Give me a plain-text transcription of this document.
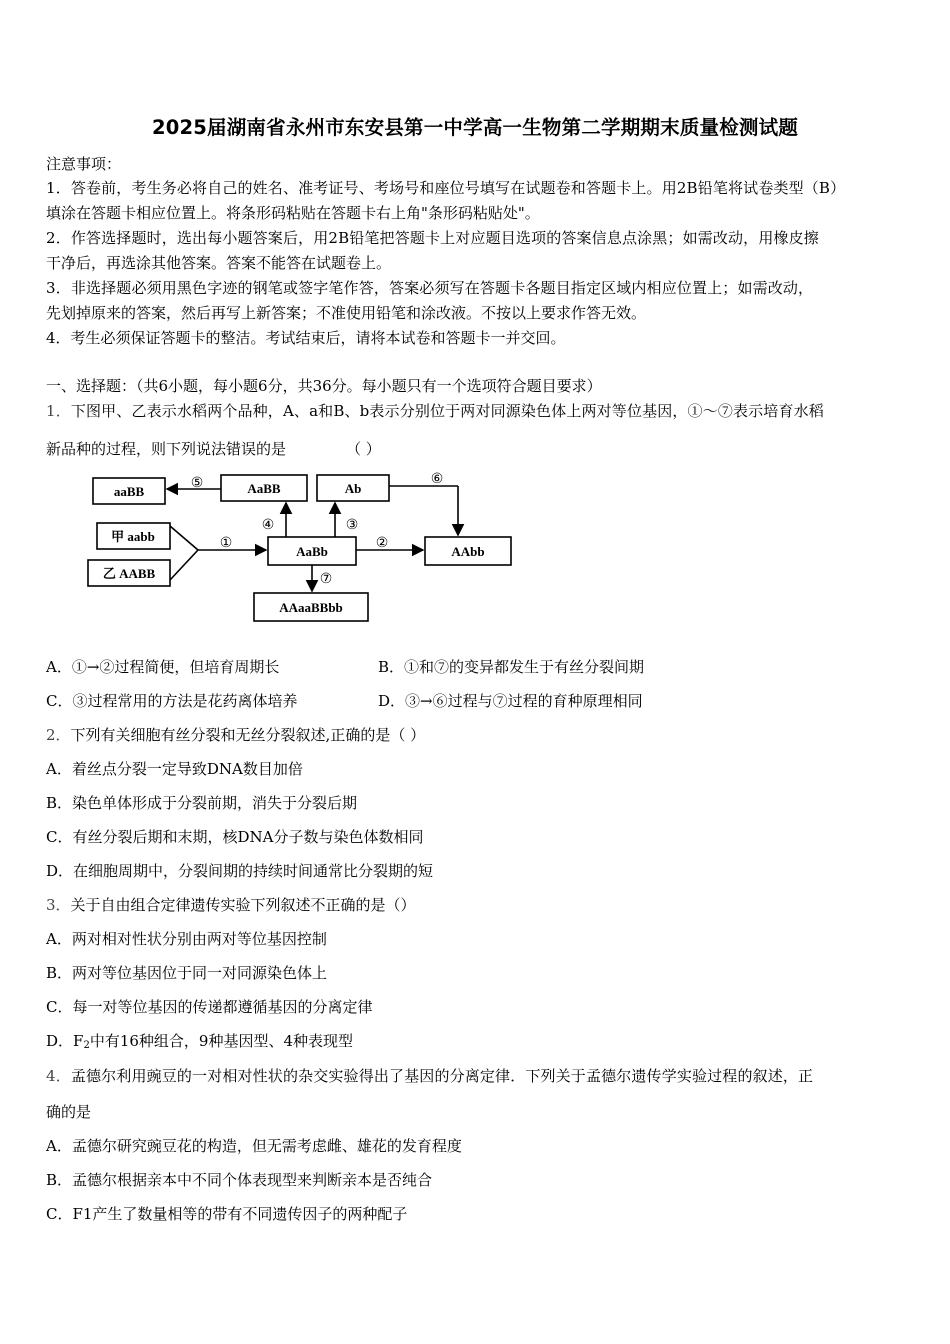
2025届湖南省永州市东安县第一中学高一生物第二学期期末质量检测试题
注意事项：
1．答卷前，考生务必将自己的姓名、准考证号、考场号和座位号填写在试题卷和答题卡上。用2B铅笔将试卷类型（B）
填涂在答题卡相应位置上。将条形码粘贴在答题卡右上角"条形码粘贴处"。
2．作答选择题时，选出每小题答案后，用2B铅笔把答题卡上对应题目选项的答案信息点涂黑；如需改动，用橡皮擦
干净后，再选涂其他答案。答案不能答在试题卷上。
3．非选择题必须用黑色字迹的钢笔或签字笔作答，答案必须写在答题卡各题目指定区域内相应位置上；如需改动，
先划掉原来的答案，然后再写上新答案；不准使用铅笔和涂改液。不按以上要求作答无效。
4．考生必须保证答题卡的整洁。考试结束后，请将本试卷和答题卡一并交回。
一、选择题：（共6小题，每小题6分，共36分。每小题只有一个选项符合题目要求）
1．下图甲、乙表示水稻两个品种，A、a和B、b表示分别位于两对同源染色体上两对等位基因，①～⑦表示培育水稻
新品种的过程，则下列说法错误的是	（ ）
aaBB	AaBB	Ab
甲 aabb
乙 AABB
AaBb	AAbb
AAaaBBbb
①	②
③
④
⑤	⑥
⑦
A．①→②过程简便，但培育周期长	B．①和⑦的变异都发生于有丝分裂间期
C．③过程常用的方法是花药离体培养	D．③→⑥过程与⑦过程的育种原理相同
2．下列有关细胞有丝分裂和无丝分裂叙述,正确的是（ ）
A．着丝点分裂一定导致DNA数目加倍
B．染色单体形成于分裂前期，消失于分裂后期
C．有丝分裂后期和末期，核DNA分子数与染色体数相同
D．在细胞周期中，分裂间期的持续时间通常比分裂期的短
3．关于自由组合定律遗传实验下列叙述不正确的是（）
A．两对相对性状分别由两对等位基因控制
B．两对等位基因位于同一对同源染色体上
C．每一对等位基因的传递都遵循基因的分离定律
D．$F_2$中有16种组合，9种基因型、4种表现型
4．孟德尔利用豌豆的一对相对性状的杂交实验得出了基因的分离定律．下列关于孟德尔遗传学实验过程的叙述，正
确的是
A．孟德尔研究豌豆花的构造，但无需考虑雌、雄花的发育程度
B．孟德尔根据亲本中不同个体表现型来判断亲本是否纯合
C．F1产生了数量相等的带有不同遗传因子的两种配子
